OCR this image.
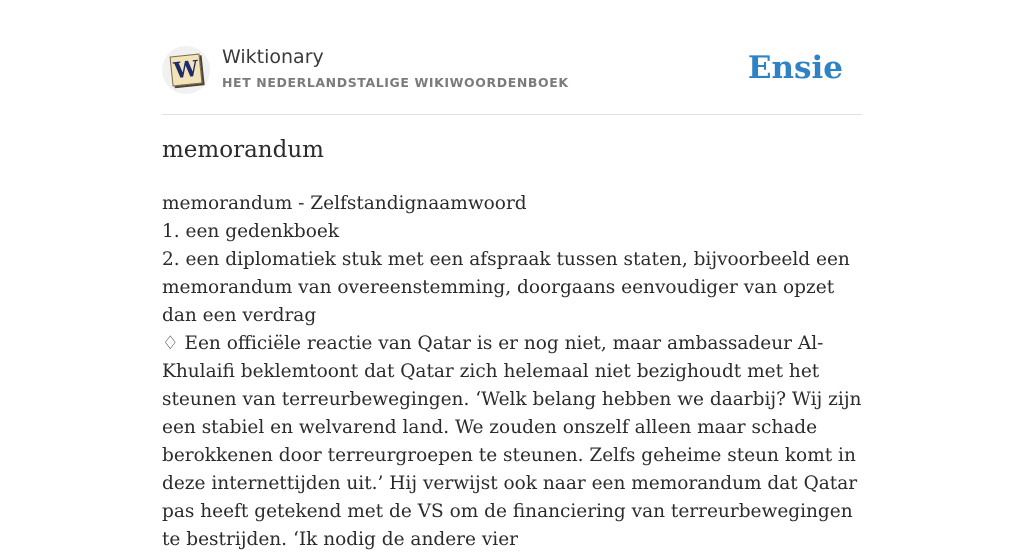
W Wiktionary
HET NEDERLANDSTALIGE WIKIWOORDENBOEK	Ensie
memorandum

memorandum - Zelfstandignaamwoord

1. een gedenkboek

2. een diplomatiek stuk met een afspraak tussen staten, bijvoorbeeld een memorandum van overeenstemming, doorgaans eenvoudiger van opzet dan een verdrag

♢ Een officiële reactie van Qatar is er nog niet, maar ambassadeur Al-Khulaifi beklemtoont dat Qatar zich helemaal niet bezighoudt met het steunen van terreurbewegingen. ‘Welk belang hebben we daarbij? Wij zijn een stabiel en welvarend land. We zouden onszelf alleen maar schade berokkenen door terreurgroepen te steunen. Zelfs geheime steun komt in deze internettijden uit.’ Hij verwijst ook naar een memorandum dat Qatar pas heeft getekend met de VS om de financiering van terreurbewegingen te bestrijden. ‘Ik nodig de andere vier
